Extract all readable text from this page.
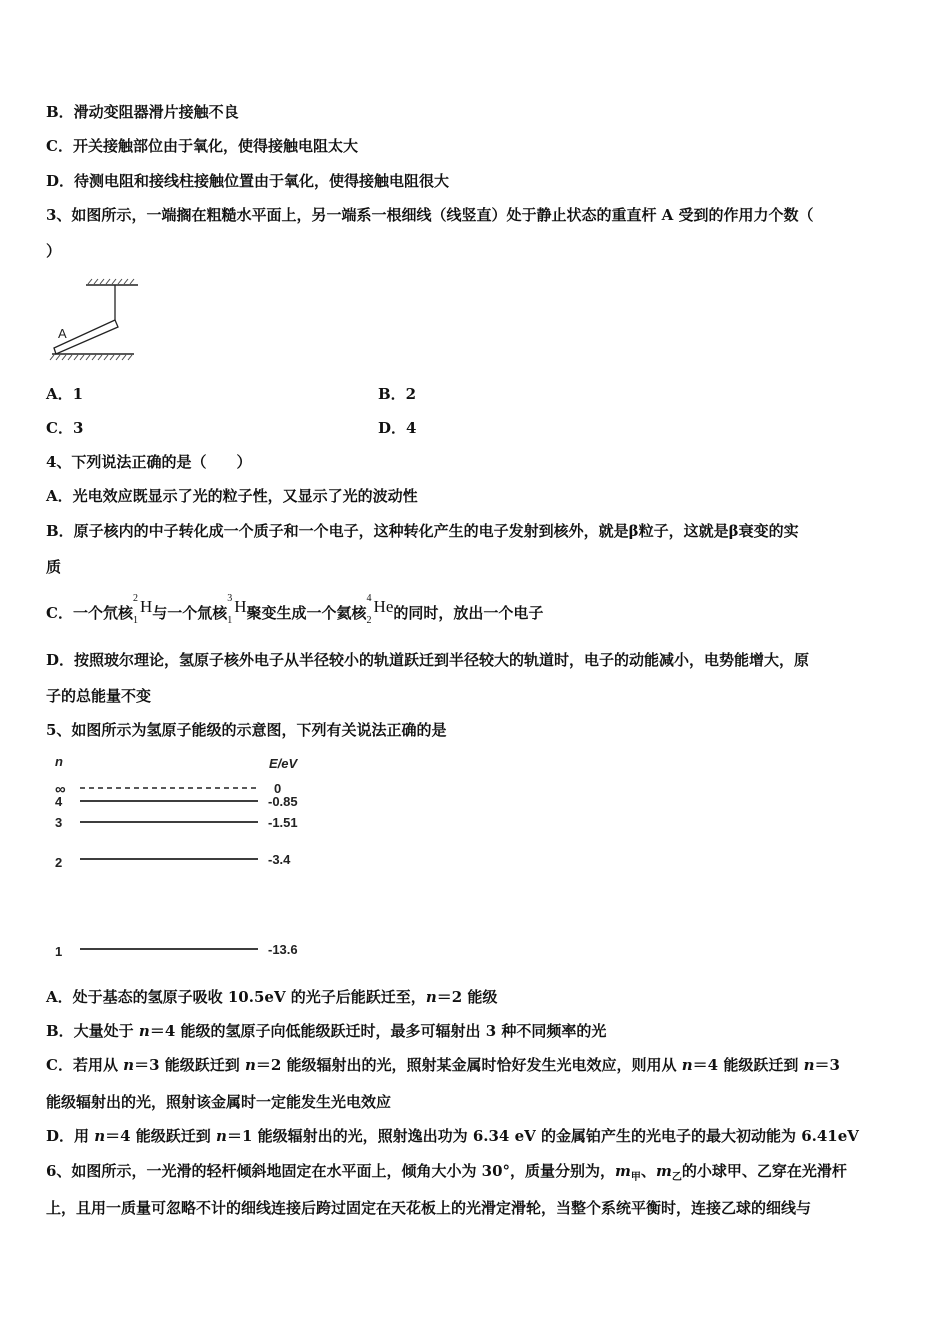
B．滑动变阻器滑片接触不良
C．开关接触部位由于氧化，使得接触电阻太大
D．待测电阻和接线柱接触位置由于氧化，使得接触电阻很大
3、如图所示，一端搁在粗糙水平面上，另一端系一根细线（线竖直）处于静止状态的重直杆 A 受到的作用力个数（
）
A
A．1	B．2
C．3	D．4
4、下列说法正确的是（　　）
A．光电效应既显示了光的粒子性，又显示了光的波动性
B．原子核内的中子转化成一个质子和一个电子，这种转化产生的电子发射到核外，就是β粒子，这就是β衰变的实
质
C．一个氘核
2
1
H与一个氚核
3
1
H聚变生成一个氦核
4
2
He的同时，放出一个电子
D．按照玻尔理论，氢原子核外电子从半径较小的轨道跃迁到半径较大的轨道时，电子的动能减小，电势能增大，原
子的总能量不变
5、如图所示为氢原子能级的示意图，下列有关说法正确的是
n	E/eV
∞	0
4	-0.85
3	-1.51
2	-3.4
1	-13.6
A．处于基态的氢原子吸收 10.5eV 的光子后能跃迁至，n＝2 能级
B．大量处于 n＝4 能级的氢原子向低能级跃迁时，最多可辐射出 3 种不同频率的光
C．若用从 n＝3 能级跃迁到 n＝2 能级辐射出的光，照射某金属时恰好发生光电效应，则用从 n＝4 能级跃迁到 n＝3
能级辐射出的光，照射该金属时一定能发生光电效应
D．用 n＝4 能级跃迁到 n＝1 能级辐射出的光，照射逸出功为 6.34 eV 的金属铂产生的光电子的最大初动能为 6.41eV
6、如图所示，一光滑的轻杆倾斜地固定在水平面上，倾角大小为 30°，质量分别为，$m_甲$、$m_乙$的小球甲、乙穿在光滑杆
上，且用一质量可忽略不计的细线连接后跨过固定在天花板上的光滑定滑轮，当整个系统平衡时，连接乙球的细线与
